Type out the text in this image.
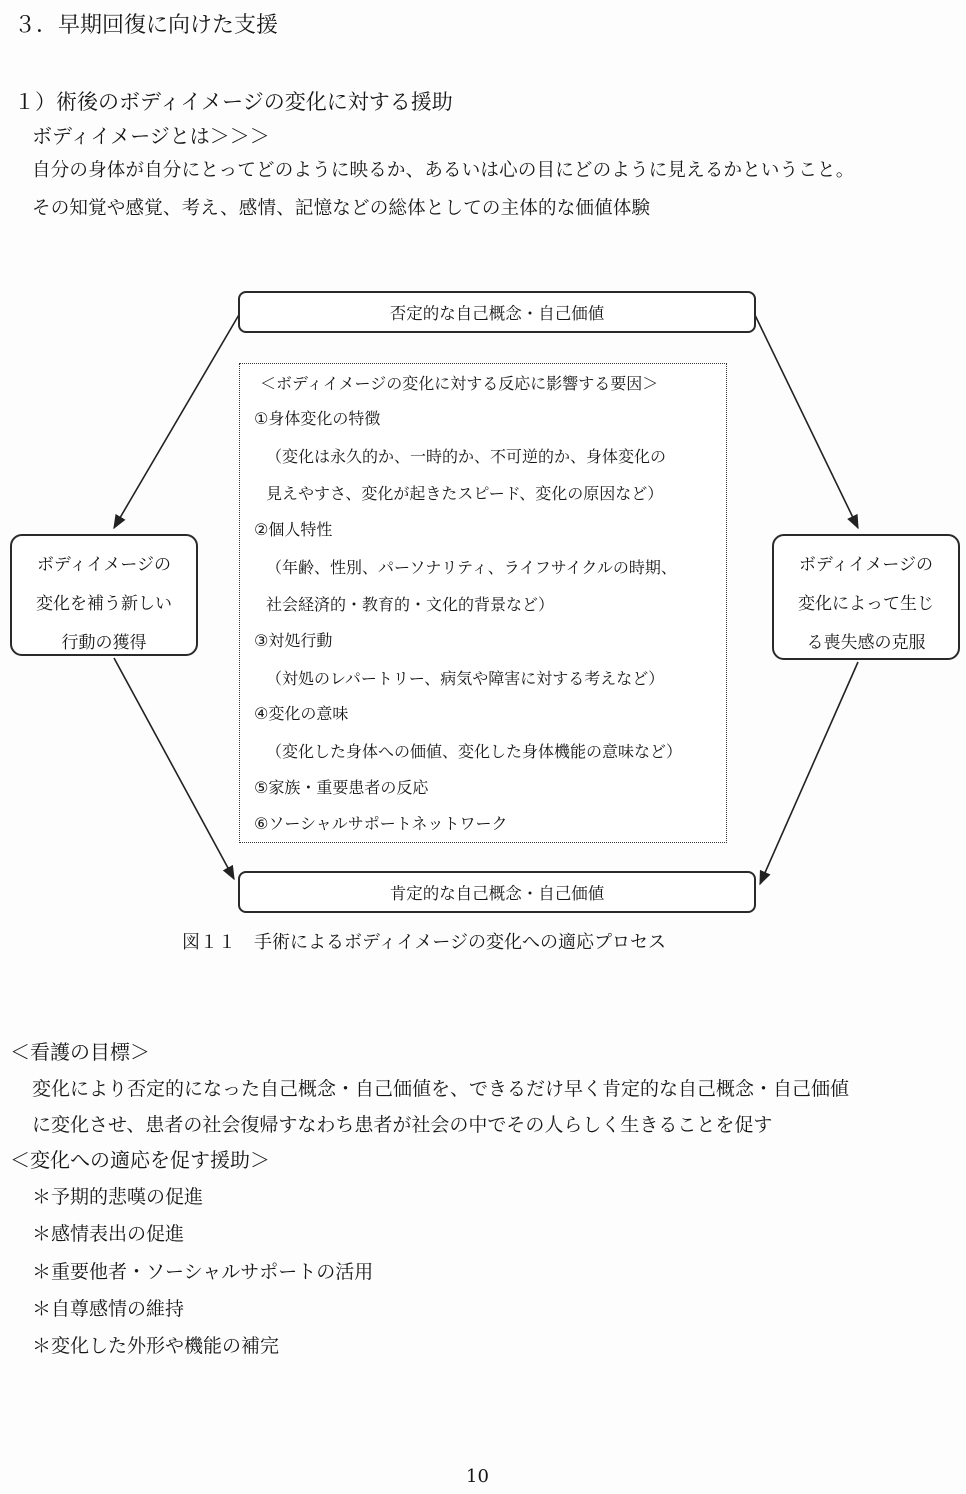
３．早期回復に向けた支援

１）術後のボディイメージの変化に対する援助

ボディイメージとは＞＞＞

自分の身体が自分にとってどのように映るか、あるいは心の目にどのように見えるかということ。

その知覚や感覚、考え、感情、記憶などの総体としての主体的な価値体験

否定的な自己概念・自己価値
ボディイメージの
変化を補う新しい
行動の獲得
ボディイメージの
変化によって生じ
る喪失感の克服
＜ボディイメージの変化に対する反応に影響する要因＞
①身体変化の特徴
（変化は永久的か、一時的か、不可逆的か、身体変化の
見えやすさ、変化が起きたスピード、変化の原因など）
②個人特性
（年齢、性別、パーソナリティ、ライフサイクルの時期、
社会経済的・教育的・文化的背景など）
③対処行動
（対処のレパートリー、病気や障害に対する考えなど）
④変化の意味
（変化した身体への価値、変化した身体機能の意味など）
⑤家族・重要患者の反応
⑥ソーシャルサポートネットワーク
肯定的な自己概念・自己価値

図１１　手術によるボディイメージの変化への適応プロセス

＜看護の目標＞

変化により否定的になった自己概念・自己価値を、できるだけ早く肯定的な自己概念・自己価値

に変化させ、患者の社会復帰すなわち患者が社会の中でその人らしく生きることを促す

＜変化への適応を促す援助＞

＊予期的悲嘆の促進

＊感情表出の促進

＊重要他者・ソーシャルサポートの活用

＊自尊感情の維持

＊変化した外形や機能の補完

10
